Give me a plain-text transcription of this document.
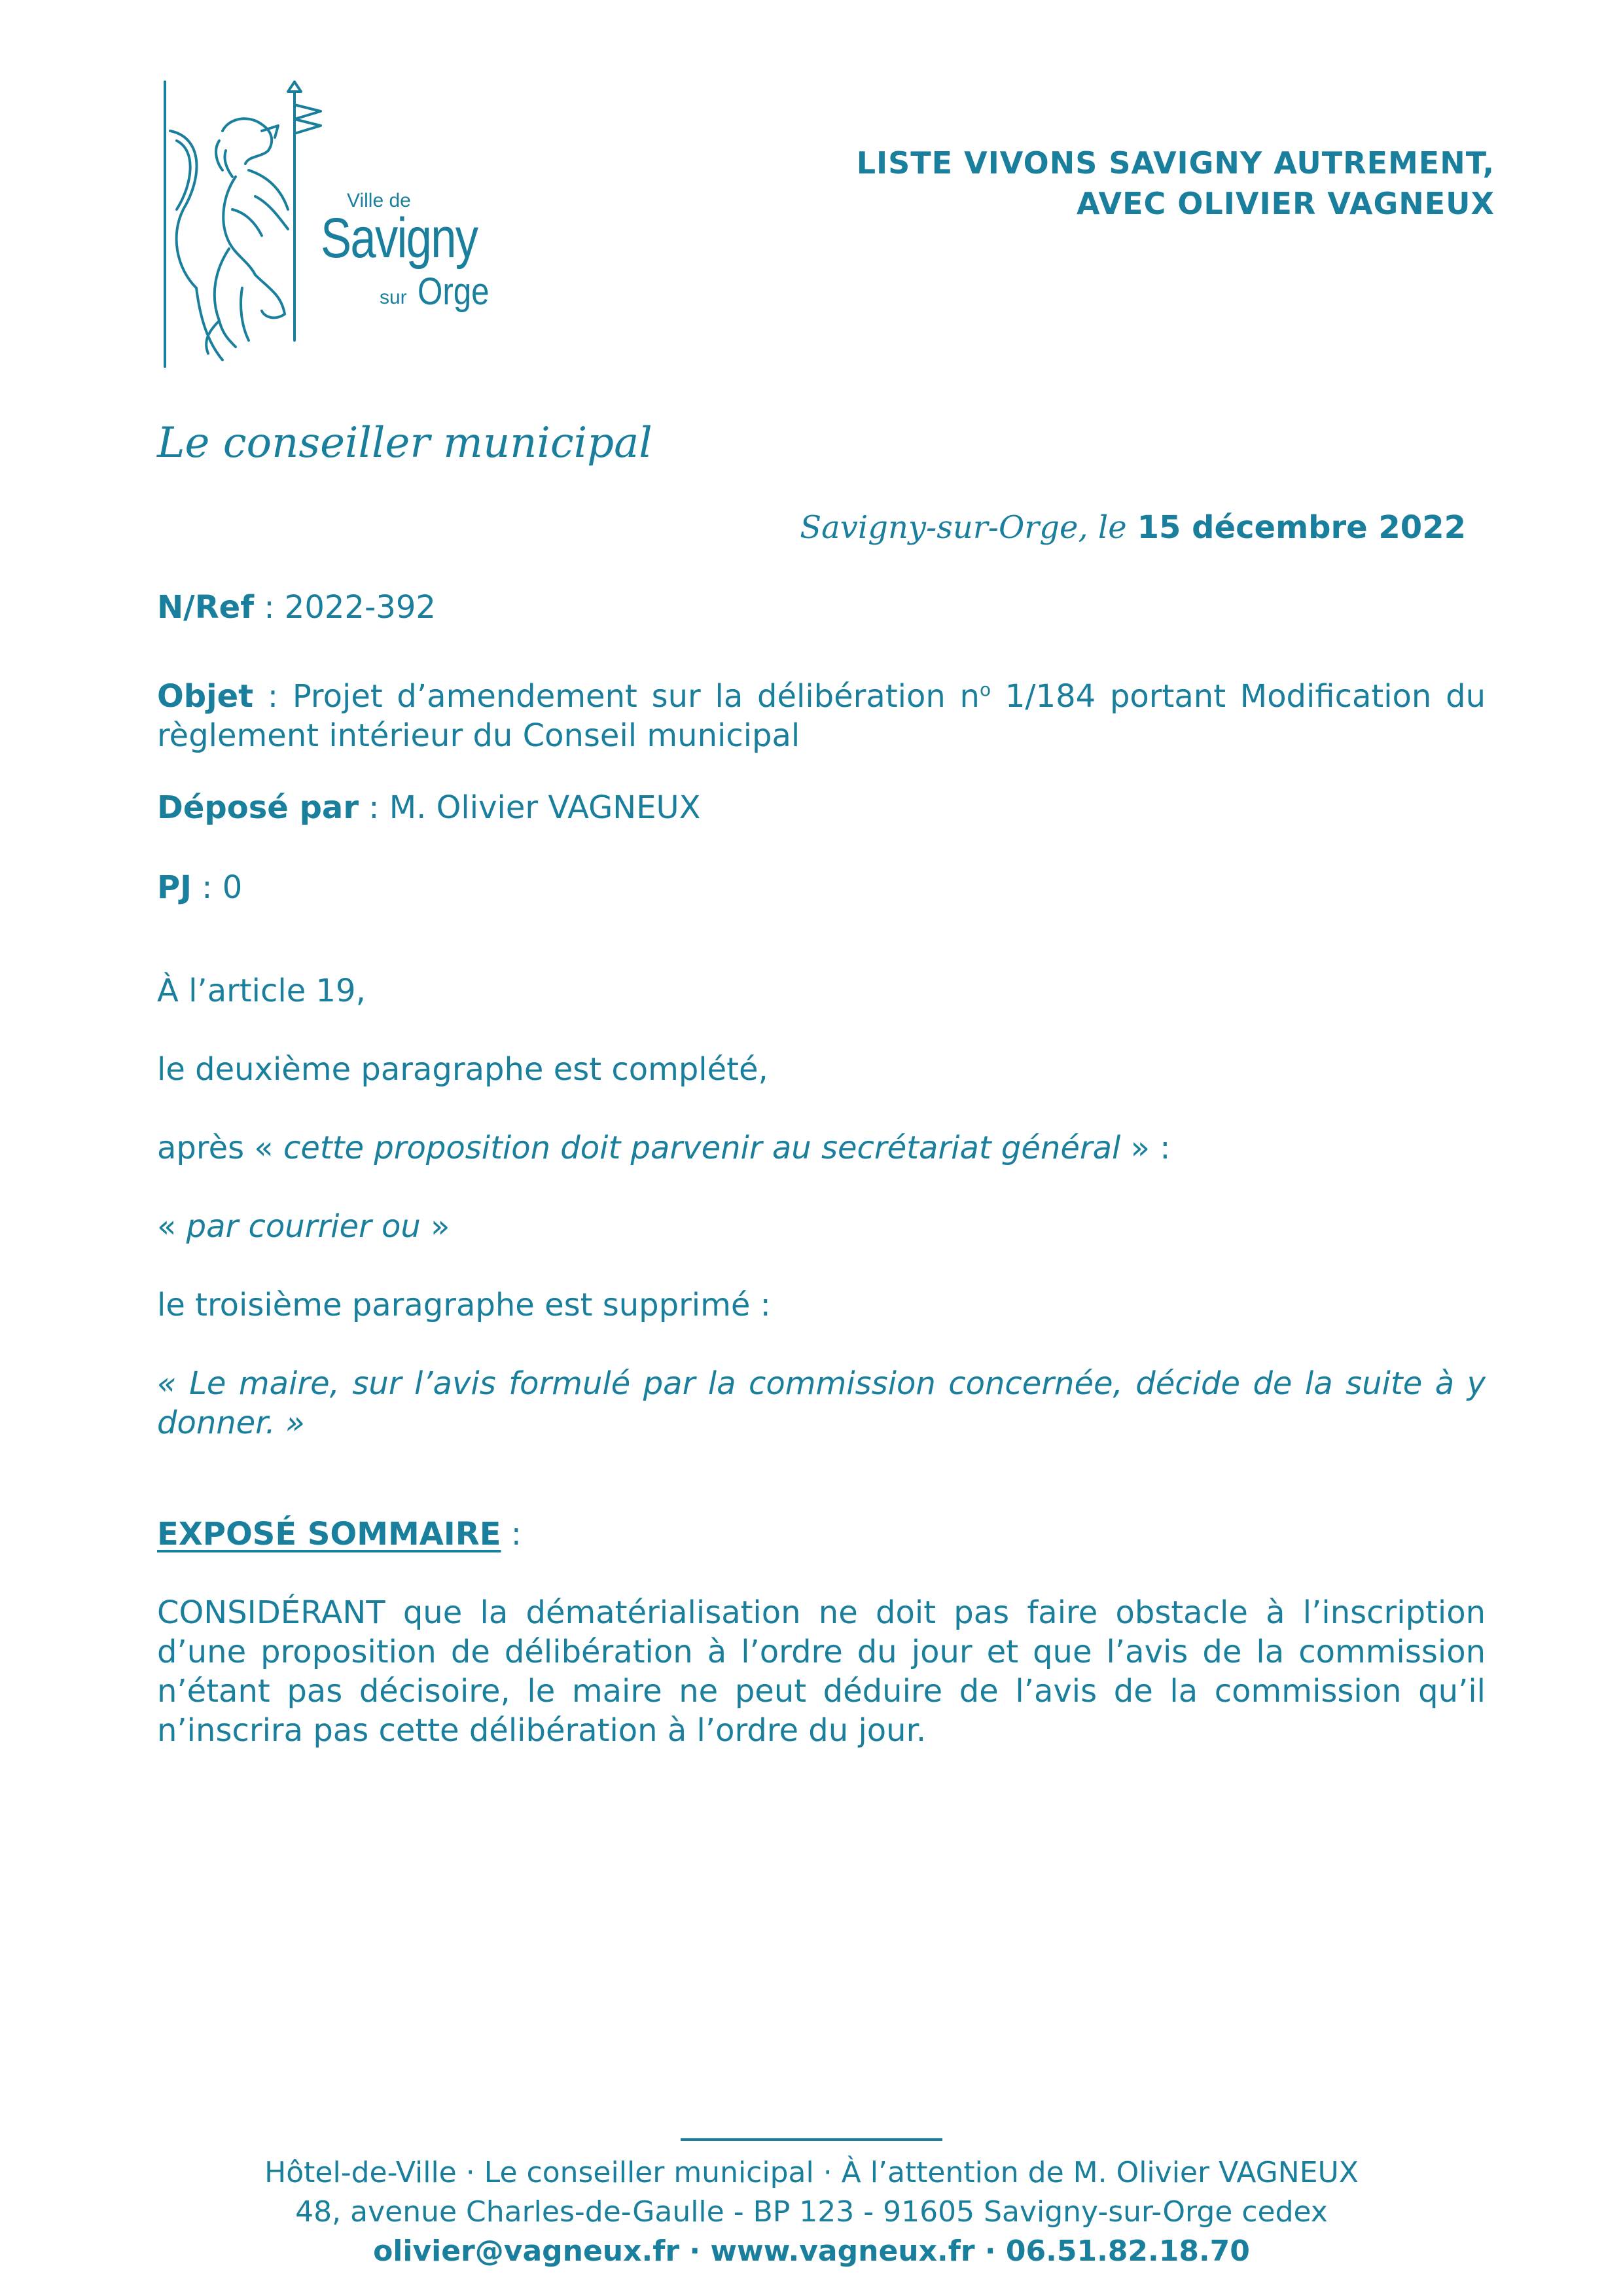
Ville de
Savigny
sur Orge
LISTE VIVONS SAVIGNY AUTREMENT,
AVEC OLIVIER VAGNEUX
Le conseiller municipal
Savigny-sur-Orge, le 15 décembre 2022
N/Ref : 2022-392
Objet : Projet d’amendement sur la délibération $n^o$ 1/184 portant Modification du règlement intérieur du Conseil municipal
Déposé par : M. Olivier VAGNEUX
PJ : 0
À l’article 19,
le deuxième paragraphe est complété,
après « cette proposition doit parvenir au secrétariat général » :
« par courrier ou »
le troisième paragraphe est supprimé :
« Le maire, sur l’avis formulé par la commission concernée, décide de la suite à y donner. »
EXPOSÉ SOMMAIRE :
CONSIDÉRANT que la dématérialisation ne doit pas faire obstacle à l’inscription d’une proposition de délibération à l’ordre du jour et que l’avis de la commission n’étant pas décisoire, le maire ne peut déduire de l’avis de la commission qu’il n’inscrira pas cette délibération à l’ordre du jour.
Hôtel-de-Ville · Le conseiller municipal · À l’attention de M. Olivier VAGNEUX
48, avenue Charles-de-Gaulle - BP 123 - 91605 Savigny-sur-Orge cedex
olivier@vagneux.fr · www.vagneux.fr · 06.51.82.18.70
